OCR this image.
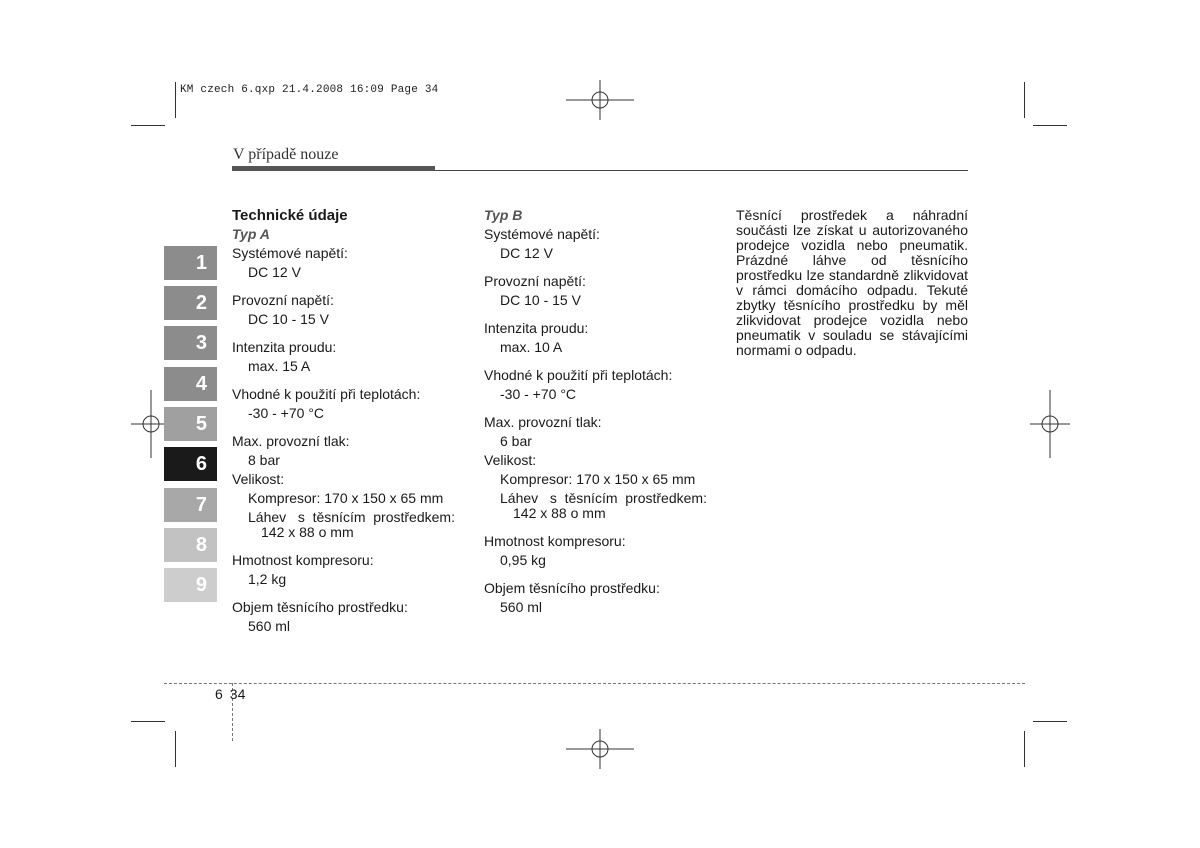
KM czech 6.qxp 21.4.2008 16:09 Page 34
V případě nouze
1
2
3
4
5
6
7
8
9

Technické údaje

Typ A

Systémové napětí:

DC 12 V

Provozní napětí:

DC 10 - 15 V

Intenzita proudu:

max. 15 A

Vhodné k použití při teplotách:

-30 - +70 °C

Max. provozní tlak:

8 bar

Velikost:

Kompresor: 170 x 150 x 65 mm

Láhev   s  těsnícím  prostředkem:

142 x 88 o mm

Hmotnost kompresoru:

1,2 kg

Objem těsnícího prostředku:

560 ml

Typ B

Systémové napětí:

DC 12 V

Provozní napětí:

DC 10 - 15 V

Intenzita proudu:

max. 10 A

Vhodné k použití při teplotách:

-30 - +70 °C

Max. provozní tlak:

6 bar

Velikost:

Kompresor: 170 x 150 x 65 mm

Láhev   s  těsnícím  prostředkem:

142 x 88 o mm

Hmotnost kompresoru:

0,95 kg

Objem těsnícího prostředku:

560 ml

Těsnící prostředek a náhradní součásti lze získat u autorizovaného prodejce vozidla nebo pneumatik. Prázdné láhve od těsnícího prostředku lze standardně zlikvidovat v rámci domácího odpadu. Tekuté zbytky těsnícího prostředku by měl zlikvidovat prodejce vozidla nebo pneumatik v souladu se stávajícími normami o odpadu.
6 34
